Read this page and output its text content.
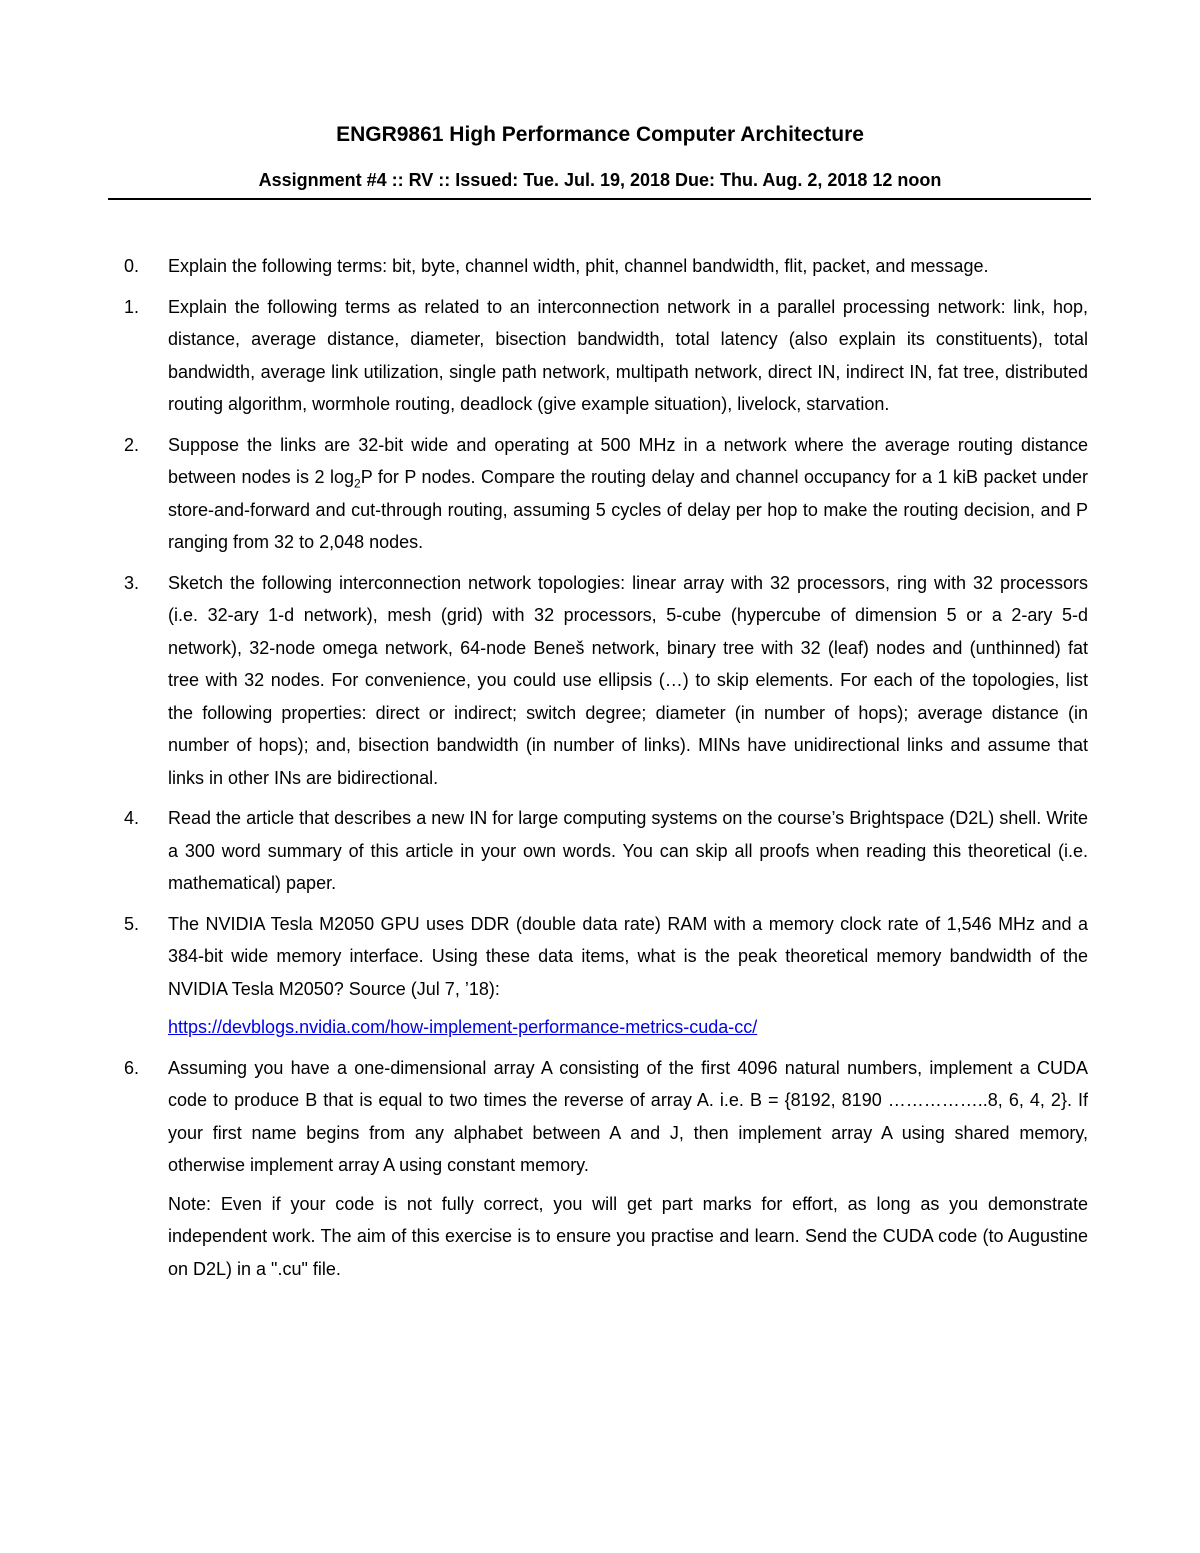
ENGR9861 High Performance Computer Architecture
Assignment #4 :: RV :: Issued: Tue. Jul. 19, 2018 Due: Thu. Aug. 2, 2018 12 noon
0. Explain the following terms: bit, byte, channel width, phit, channel bandwidth, flit, packet, and message.
1. Explain the following terms as related to an interconnection network in a parallel processing network: link, hop, distance, average distance, diameter, bisection bandwidth, total latency (also explain its constituents), total bandwidth, average link utilization, single path network, multipath network, direct IN, indirect IN, fat tree, distributed routing algorithm, wormhole routing, deadlock (give example situation), livelock, starvation.
2. Suppose the links are 32-bit wide and operating at 500 MHz in a network where the average routing distance between nodes is 2 $\log_2P$ for P nodes. Compare the routing delay and channel occupancy for a 1 kiB packet under store-and-forward and cut-through routing, assuming 5 cycles of delay per hop to make the routing decision, and P ranging from 32 to 2,048 nodes.
3. Sketch the following interconnection network topologies: linear array with 32 processors, ring with 32 processors (i.e. 32-ary 1-d network), mesh (grid) with 32 processors, 5-cube (hypercube of dimension 5 or a 2-ary 5-d network), 32-node omega network, 64-node Beneš network, binary tree with 32 (leaf) nodes and (unthinned) fat tree with 32 nodes. For convenience, you could use ellipsis (…) to skip elements. For each of the topologies, list the following properties: direct or indirect; switch degree; diameter (in number of hops); average distance (in number of hops); and, bisection bandwidth (in number of links). MINs have unidirectional links and assume that links in other INs are bidirectional.
4. Read the article that describes a new IN for large computing systems on the course’s Brightspace (D2L) shell. Write a 300 word summary of this article in your own words. You can skip all proofs when reading this theoretical (i.e. mathematical) paper.
5. The NVIDIA Tesla M2050 GPU uses DDR (double data rate) RAM with a memory clock rate of 1,546 MHz and a 384-bit wide memory interface. Using these data items, what is the peak theoretical memory bandwidth of the NVIDIA Tesla M2050? Source (Jul 7, ’18):
https://devblogs.nvidia.com/how-implement-performance-metrics-cuda-cc/
6. Assuming you have a one-dimensional array A consisting of the first 4096 natural numbers, implement a CUDA code to produce B that is equal to two times the reverse of array A. i.e. B = {8192, 8190 ……………..8, 6, 4, 2}. If your first name begins from any alphabet between A and J, then implement array A using shared memory, otherwise implement array A using constant memory.
Note: Even if your code is not fully correct, you will get part marks for effort, as long as you demonstrate independent work. The aim of this exercise is to ensure you practise and learn. Send the CUDA code (to Augustine on D2L) in a ".cu" file.
